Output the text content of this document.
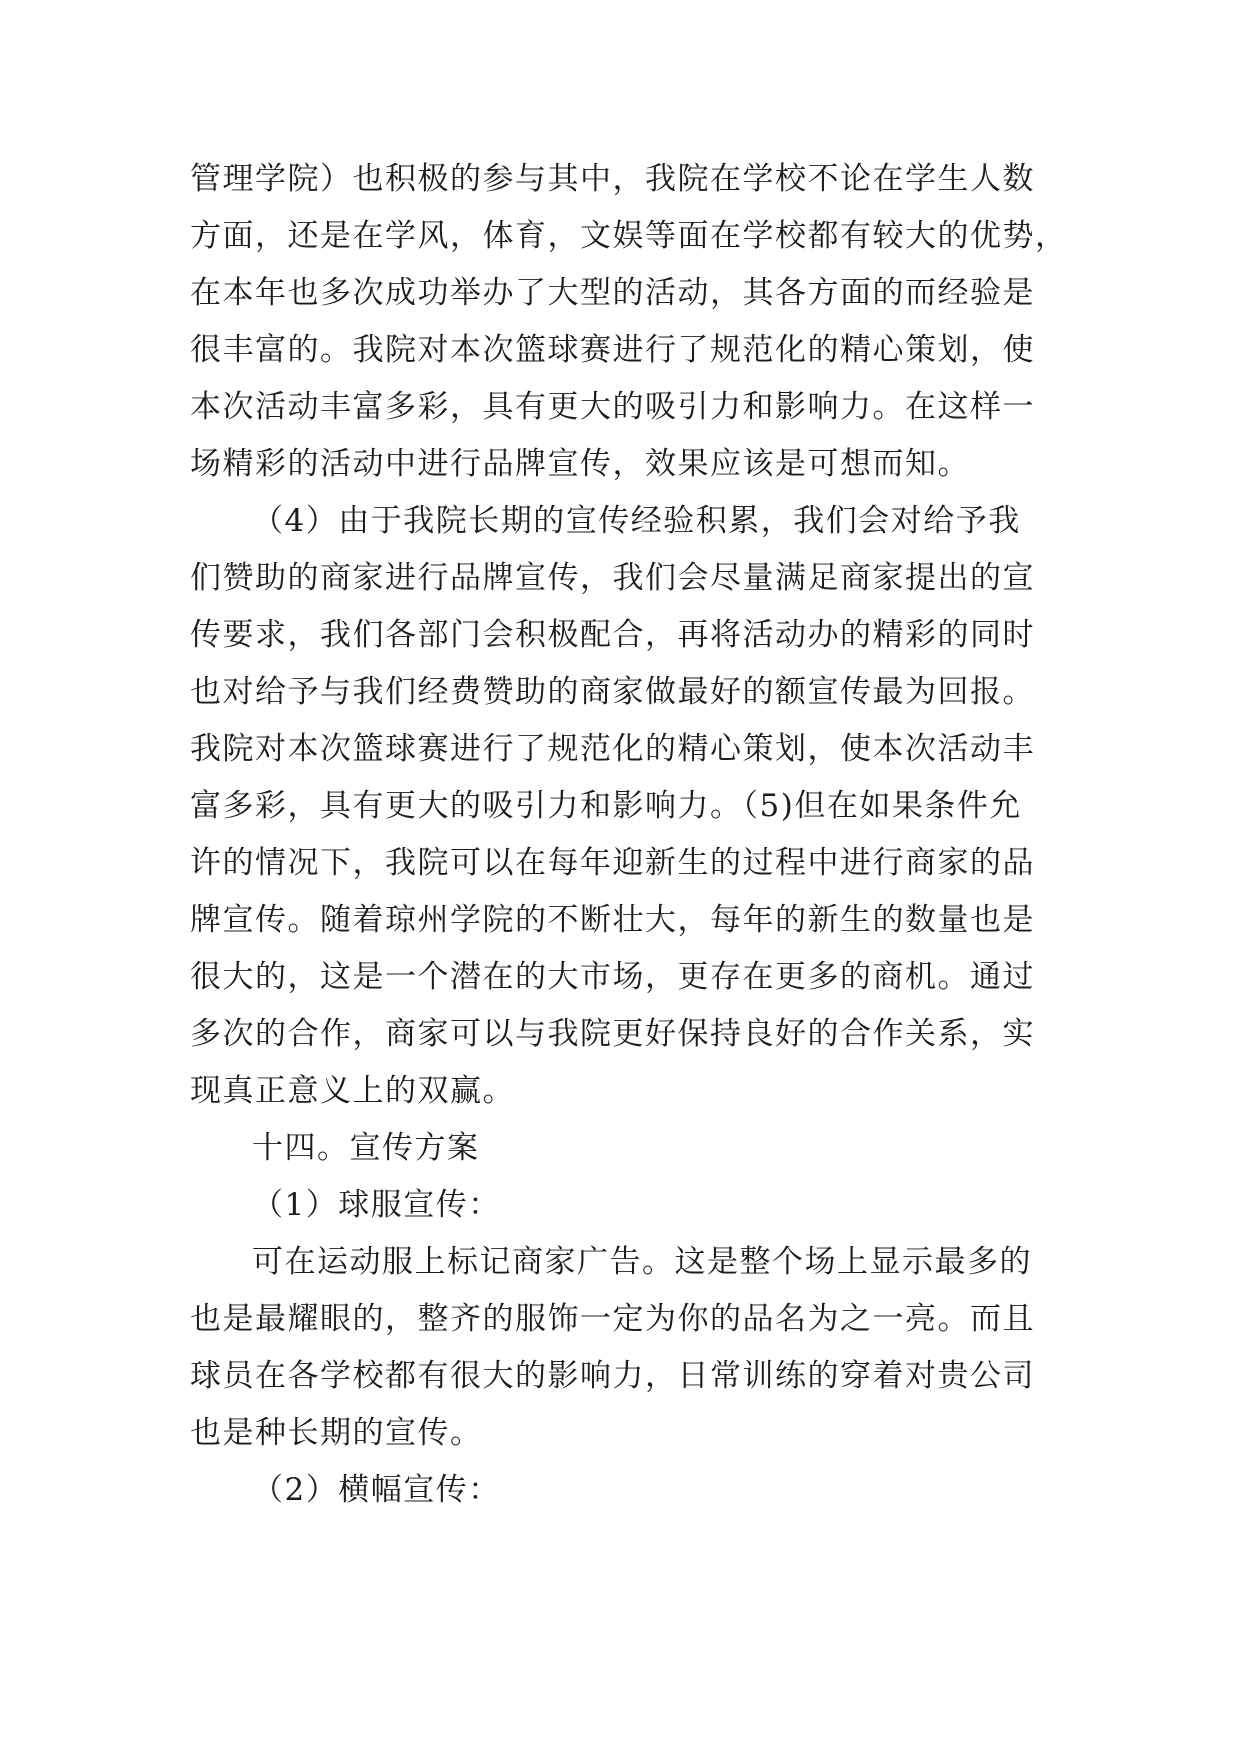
管理学院）也积极的参与其中，我院在学校不论在学生人数
方面，还是在学风，体育，文娱等面在学校都有较大的优势，
在本年也多次成功举办了大型的活动，其各方面的而经验是
很丰富的。我院对本次篮球赛进行了规范化的精心策划，使
本次活动丰富多彩，具有更大的吸引力和影响力。在这样一
场精彩的活动中进行品牌宣传，效果应该是可想而知。
（4）由于我院长期的宣传经验积累，我们会对给予我
们赞助的商家进行品牌宣传，我们会尽量满足商家提出的宣
传要求，我们各部门会积极配合，再将活动办的精彩的同时
也对给予与我们经费赞助的商家做最好的额宣传最为回报。
我院对本次篮球赛进行了规范化的精心策划，使本次活动丰
富多彩，具有更大的吸引力和影响力。（5)但在如果条件允
许的情况下，我院可以在每年迎新生的过程中进行商家的品
牌宣传。随着琼州学院的不断壮大，每年的新生的数量也是
很大的，这是一个潜在的大市场，更存在更多的商机。通过
多次的合作，商家可以与我院更好保持良好的合作关系，实
现真正意义上的双赢。
十四。宣传方案
（1）球服宣传：
可在运动服上标记商家广告。这是整个场上显示最多的
也是最耀眼的，整齐的服饰一定为你的品名为之一亮。而且
球员在各学校都有很大的影响力，日常训练的穿着对贵公司
也是种长期的宣传。
（2）横幅宣传：
